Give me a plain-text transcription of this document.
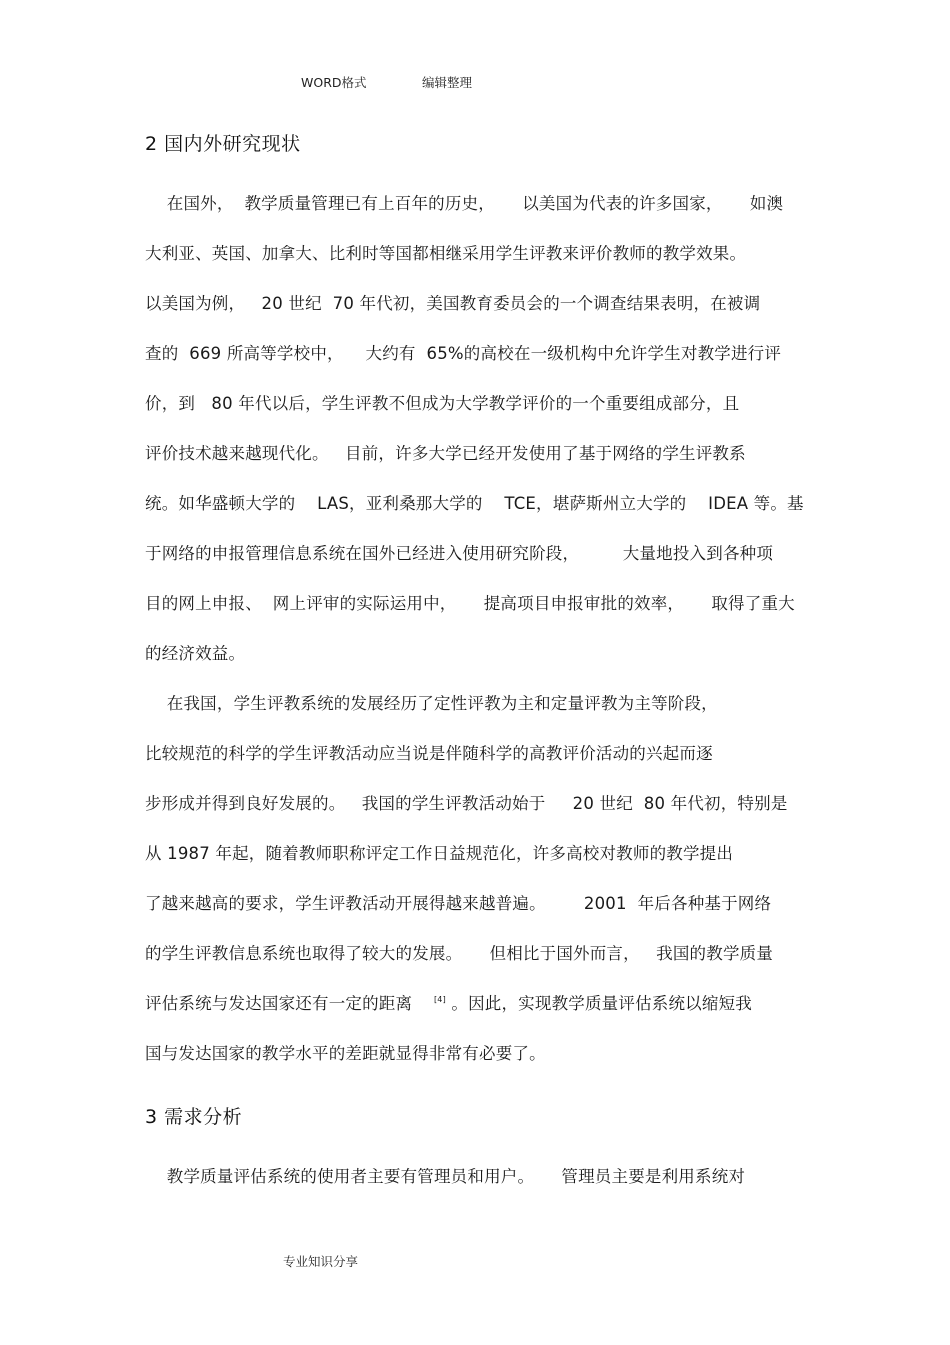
WORD格式	编辑整理
2 国内外研究现状
在国外，  教学质量管理已有上百年的历史，     以美国为代表的许多国家，     如澳
大利亚、英国、加拿大、比利时等国都相继采用学生评教来评价教师的教学效果。
以美国为例，   20 世纪  70 年代初，美国教育委员会的一个调查结果表明，在被调
查的  669 所高等学校中，    大约有  65%的高校在一级机构中允许学生对教学进行评
价，到   80 年代以后，学生评教不但成为大学教学评价的一个重要组成部分，且
评价技术越来越现代化。   目前，许多大学已经开发使用了基于网络的学生评教系
统。如华盛顿大学的    LAS，亚利桑那大学的    TCE，堪萨斯州立大学的    IDEA 等。基
于网络的申报管理信息系统在国外已经进入使用研究阶段，        大量地投入到各种项
目的网上申报、  网上评审的实际运用中，     提高项目申报审批的效率，     取得了重大
的经济效益。
在我国，学生评教系统的发展经历了定性评教为主和定量评教为主等阶段，
比较规范的科学的学生评教活动应当说是伴随科学的高教评价活动的兴起而逐
步形成并得到良好发展的。   我国的学生评教活动始于     20 世纪  80 年代初，特别是
从 1987 年起，随着教师职称评定工作日益规范化，许多高校对教师的教学提出
了越来越高的要求，学生评教活动开展得越来越普遍。       2001  年后各种基于网络
的学生评教信息系统也取得了较大的发展。     但相比于国外而言，   我国的教学质量
评估系统与发达国家还有一定的距离    [4] 。因此，实现教学质量评估系统以缩短我
国与发达国家的教学水平的差距就显得非常有必要了。
3 需求分析
教学质量评估系统的使用者主要有管理员和用户。     管理员主要是利用系统对
专业知识分享
